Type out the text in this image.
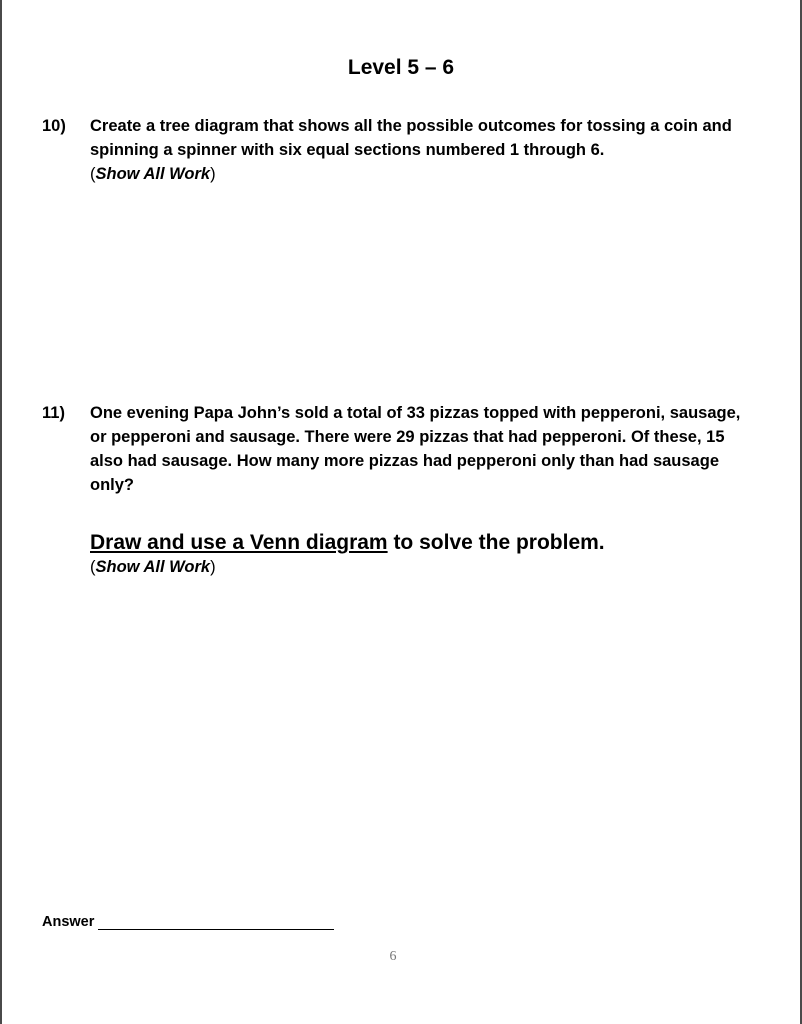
Level 5 – 6
10) Create a tree diagram that shows all the possible outcomes for tossing a coin and spinning a spinner with six equal sections numbered 1 through 6.

(Show All Work)

11) One evening Papa John’s sold a total of 33 pizzas topped with pepperoni, sausage, or pepperoni and sausage. There were 29 pizzas that had pepperoni. Of these, 15 also had sausage. How many more pizzas had pepperoni only than had sausage only?

Draw and use a Venn diagram to solve the problem.

(Show All Work)

Answer
6
